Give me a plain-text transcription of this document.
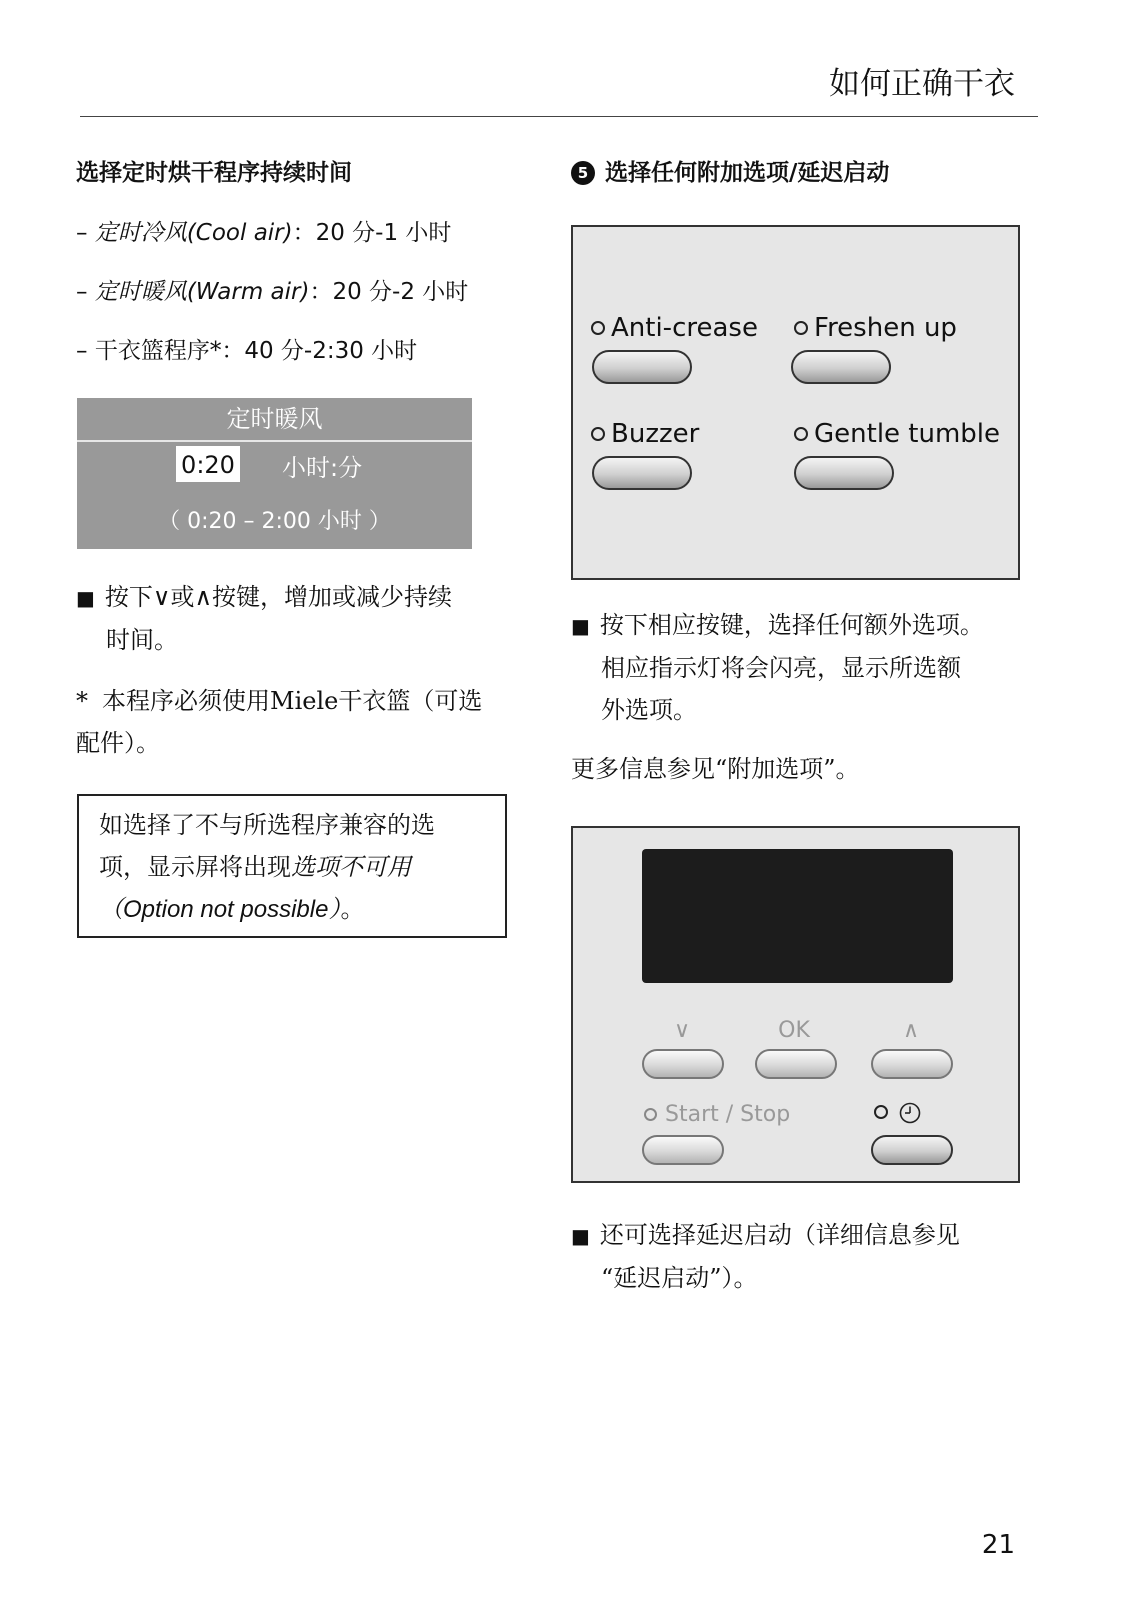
如何正确干衣
选择定时烘干程序持续时间
– 定时冷风(Cool air)：20 分-1 小时
– 定时暖风(Warm air)：20 分-2 小时
– 干衣篮程序*：40 分-2:30 小时
定时暖风
0:20 小时:分
（ 0:20 – 2:00 小时 ）
■ 按下∨或∧按键，增加或减少持续
时间。
* 本程序必须使用Miele干衣篮（可选
配件）。
如选择了不与所选程序兼容的选
项，显示屏将出现选项不可用
（Option not possible）。
5 选择任何附加选项/延迟启动
Anti-crease	Freshen up
Buzzer	Gentle tumble
■ 按下相应按键，选择任何额外选项。
相应指示灯将会闪亮，显示所选额
外选项。
更多信息参见“附加选项”。
∨	OK	∧
Start / Stop

■ 还可选择延迟启动（详细信息参见
“延迟启动”）。
21
